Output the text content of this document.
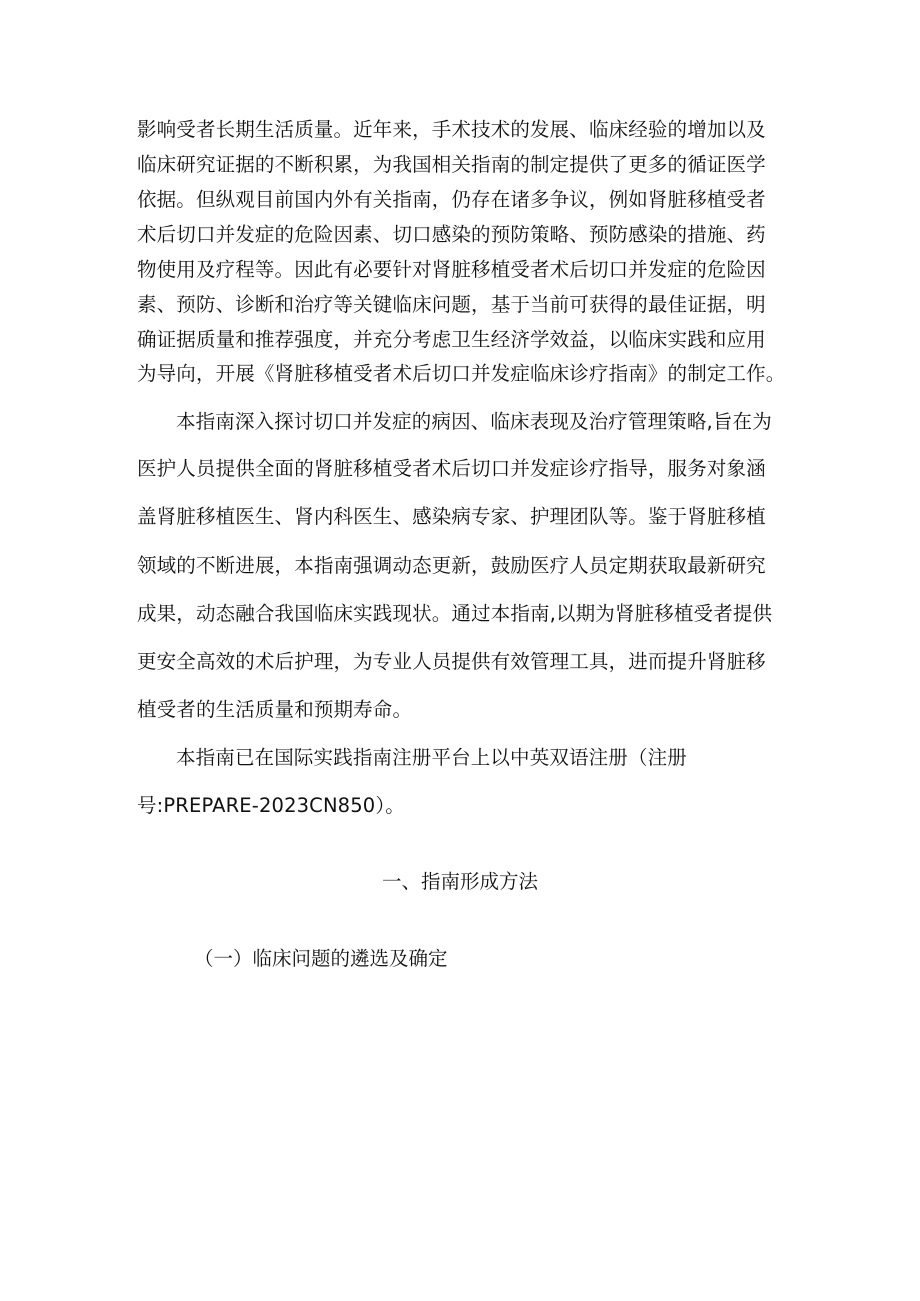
影响受者长期生活质量。近年来，手术技术的发展、临床经验的增加以及
临床研究证据的不断积累，为我国相关指南的制定提供了更多的循证医学
依据。但纵观目前国内外有关指南，仍存在诸多争议，例如肾脏移植受者
术后切口并发症的危险因素、切口感染的预防策略、预防感染的措施、药
物使用及疗程等。因此有必要针对肾脏移植受者术后切口并发症的危险因
素、预防、诊断和治疗等关键临床问题，基于当前可获得的最佳证据，明
确证据质量和推荐强度，并充分考虑卫生经济学效益，以临床实践和应用
为导向，开展《肾脏移植受者术后切口并发症临床诊疗指南》的制定工作。
本指南深入探讨切口并发症的病因、临床表现及治疗管理策略,旨在为
医护人员提供全面的肾脏移植受者术后切口并发症诊疗指导，服务对象涵
盖肾脏移植医生、肾内科医生、感染病专家、护理团队等。鉴于肾脏移植
领域的不断进展，本指南强调动态更新，鼓励医疗人员定期获取最新研究
成果，动态融合我国临床实践现状。通过本指南,以期为肾脏移植受者提供
更安全高效的术后护理，为专业人员提供有效管理工具，进而提升肾脏移
植受者的生活质量和预期寿命。
本指南已在国际实践指南注册平台上以中英双语注册（注册
号:PREPARE-2023CN850）。
一、指南形成方法
（一）临床问题的遴选及确定
